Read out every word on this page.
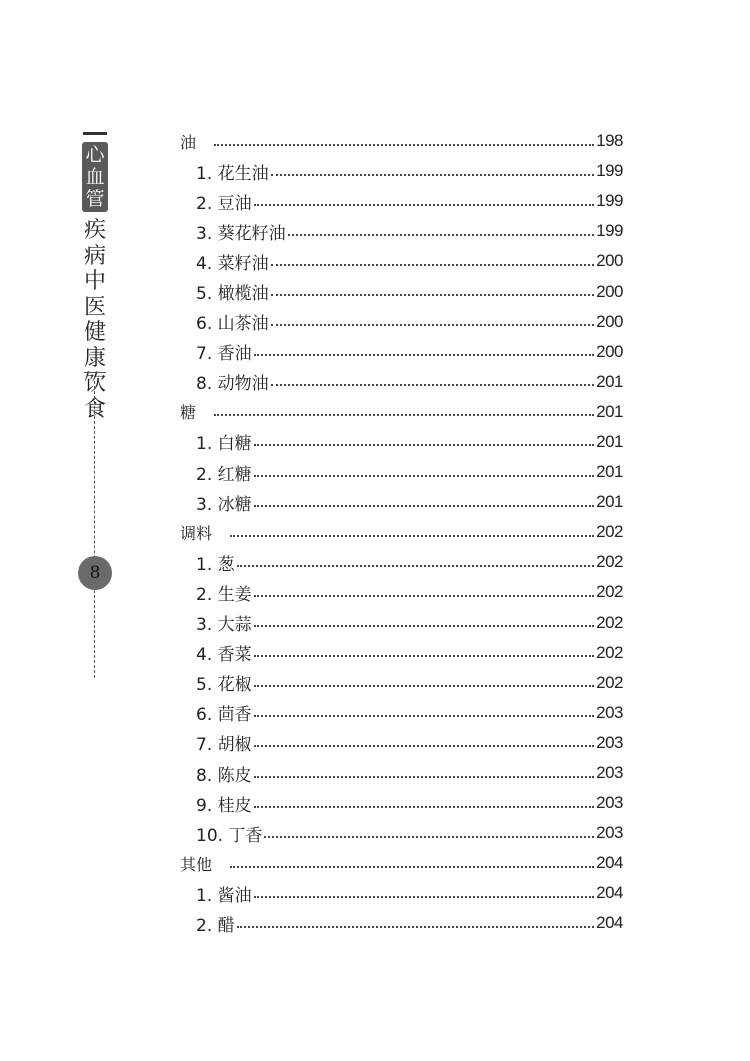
心
血
管
疾
病
中
医
健
康
饮
食
8
油	198
1. 花生油	199
2. 豆油	199
3. 葵花籽油	199
4. 菜籽油	200
5. 橄榄油	200
6. 山茶油	200
7. 香油	200
8. 动物油	201
糖	201
1. 白糖	201
2. 红糖	201
3. 冰糖	201
调料	202
1. 葱	202
2. 生姜	202
3. 大蒜	202
4. 香菜	202
5. 花椒	202
6. 茴香	203
7. 胡椒	203
8. 陈皮	203
9. 桂皮	203
10. 丁香	203
其他	204
1. 酱油	204
2. 醋	204
